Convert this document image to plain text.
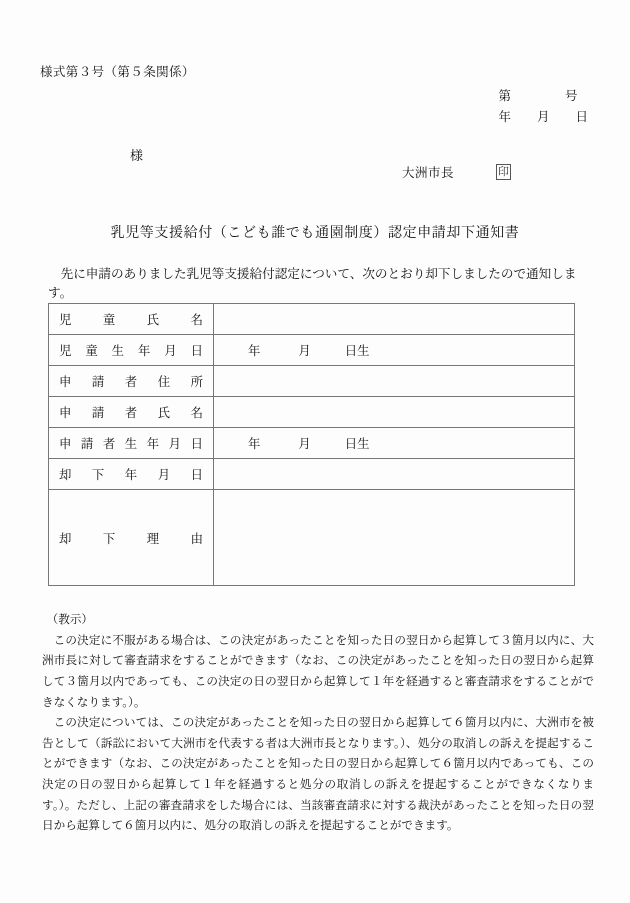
様式第３号（第５条関係）
第	号
年 月 日
様
大洲市長	印
乳児等支援給付（こども誰でも通園制度）認定申請却下通知書
先に申請のありました乳児等支援給付認定について、次のとおり却下しましたので通知します。
児童氏名	
児童生年月日	年 月 日生
申請者住所	
申請者氏名	
申請者生年月日	年 月 日生
却下年月日	
却下理由	
（教示）

この決定に不服がある場合は、この決定があったことを知った日の翌日から起算して３箇月以内に、大洲市長に対して審査請求をすることができます（なお、この決定があったことを知った日の翌日から起算して３箇月以内であっても、この決定の日の翌日から起算して１年を経過すると審査請求をすることができなくなります。）。

この決定については、この決定があったことを知った日の翌日から起算して６箇月以内に、大洲市を被告として（訴訟において大洲市を代表する者は大洲市長となります。）、処分の取消しの訴えを提起することができます（なお、この決定があったことを知った日の翌日から起算して６箇月以内であっても、この決定の日の翌日から起算して１年を経過すると処分の取消しの訴えを提起することができなくなります。）。ただし、上記の審査請求をした場合には、当該審査請求に対する裁決があったことを知った日の翌日から起算して６箇月以内に、処分の取消しの訴えを提起することができます。
